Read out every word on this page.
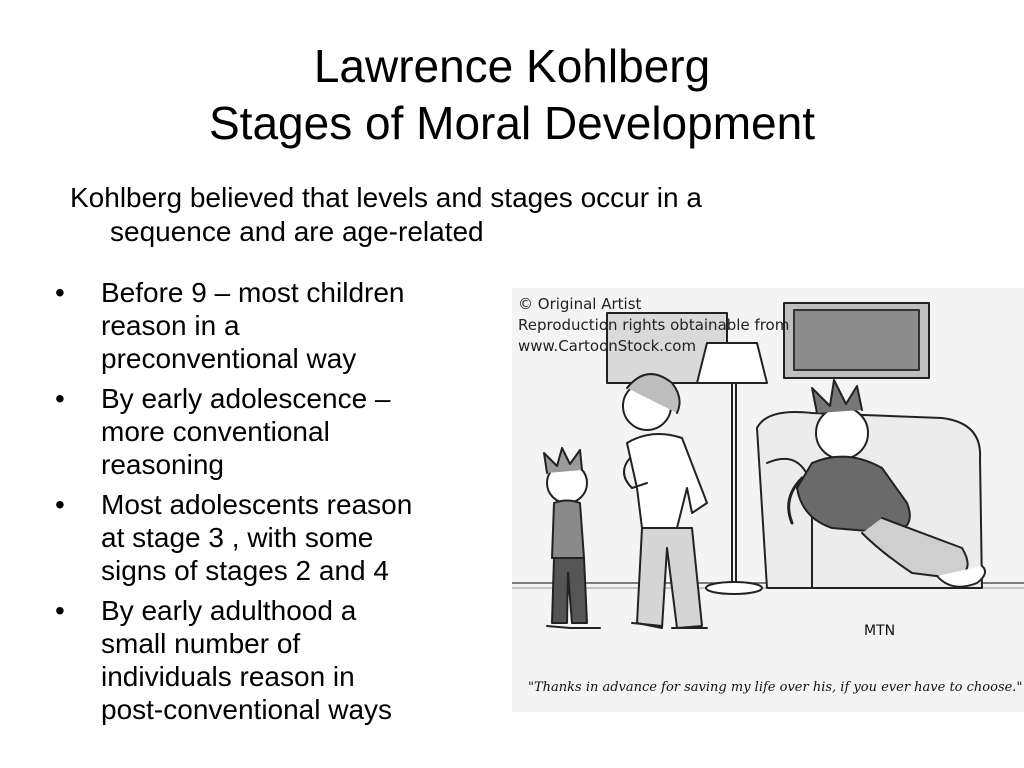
Lawrence Kohlberg
Stages of Moral Development
Kohlberg believed that levels and stages occur in a
sequence and are age-related
• Before 9 – most children
reason in a
preconventional way
• By early adolescence –
more conventional
reasoning
• Most adolescents reason
at stage 3 , with some
signs of stages 2 and 4
• By early adulthood a
small number of
individuals reason in
post-conventional ways
© Original Artist
Reproduction rights obtainable from
www.CartoonStock.com
MTN
"Thanks in advance for saving my life over his, if you ever have to choose."
